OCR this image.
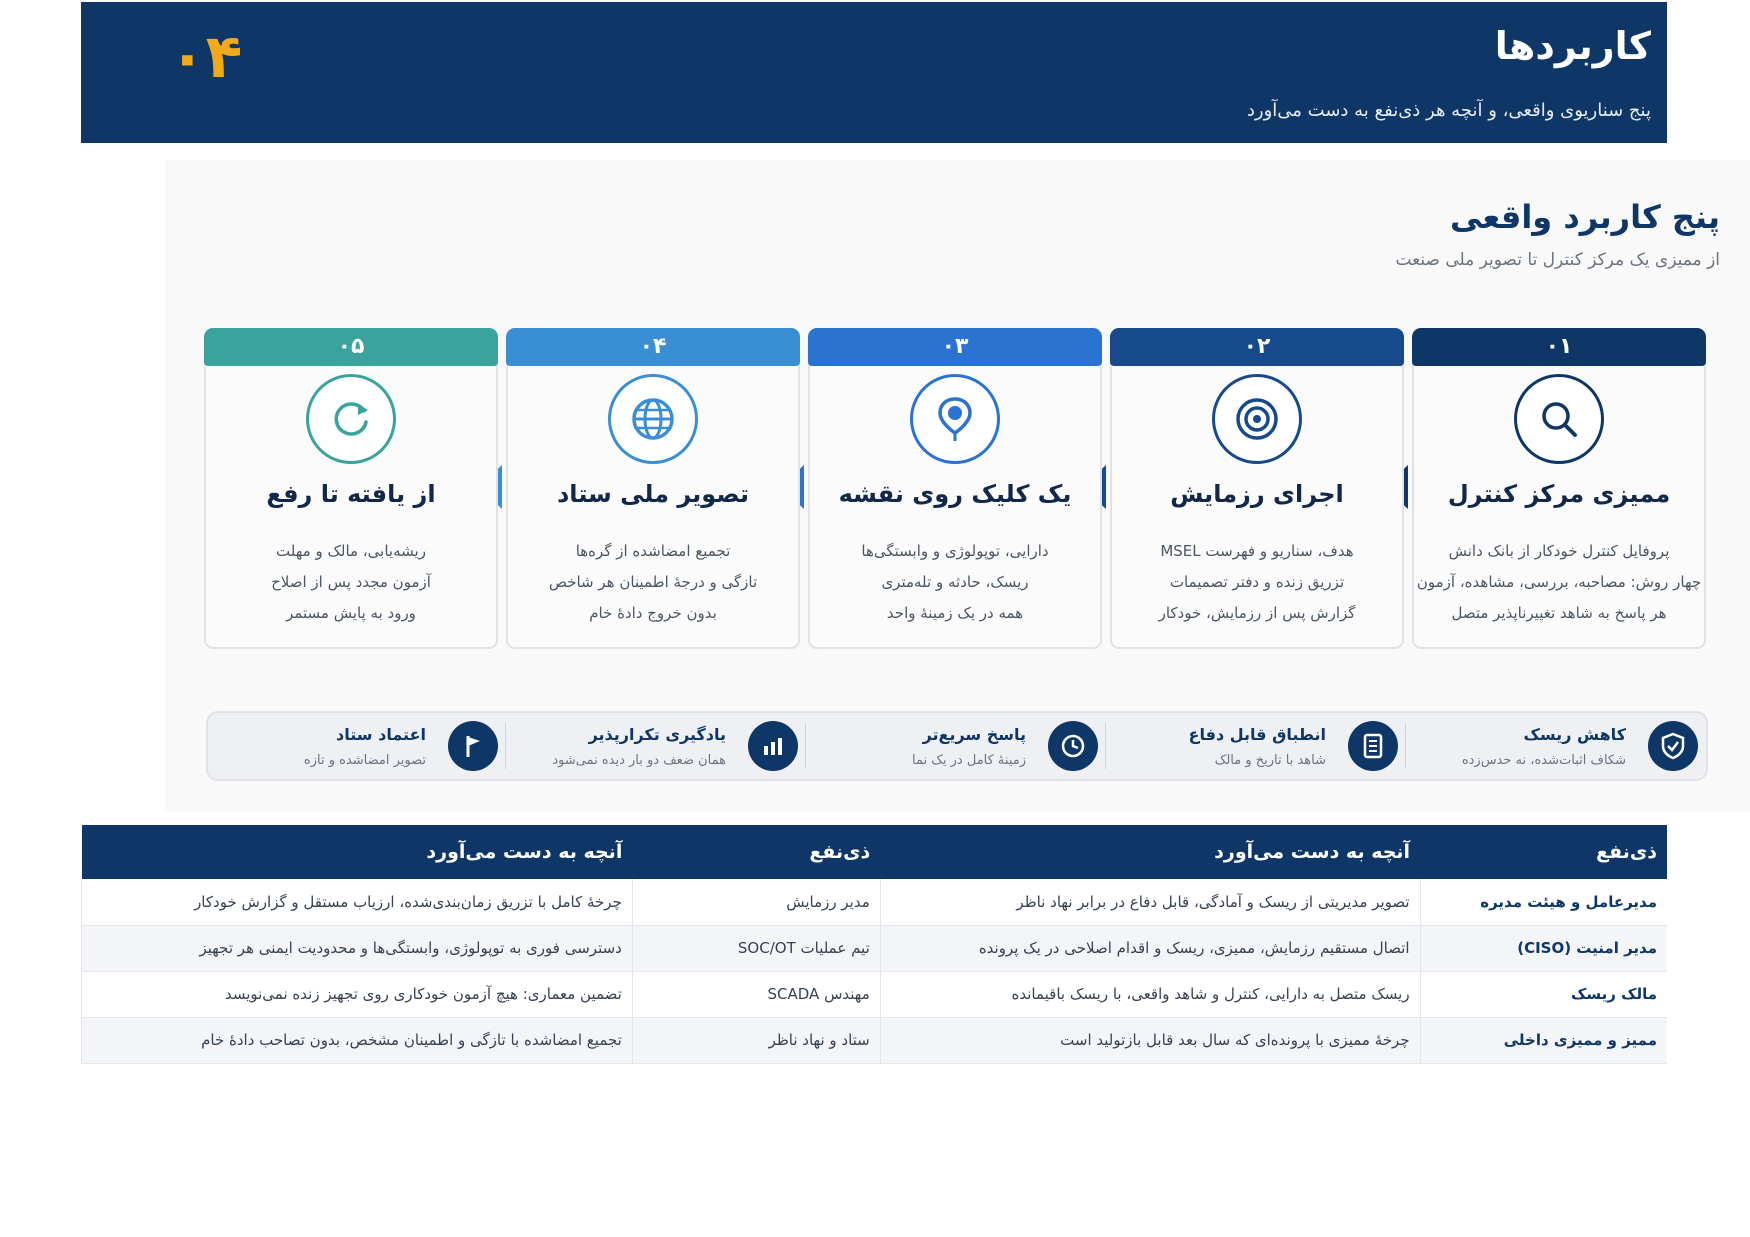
کاربردها
پنج سناریوی واقعی، و آنچه هر ذی‌نفع به دست می‌آورد
۰۴
پنج کاربرد واقعی
از ممیزی یک مرکز کنترل تا تصویر ملی صنعت
۰۱
ممیزی مرکز کنترل
پروفایل کنترل خودکار از بانک دانش
چهار روش: مصاحبه، بررسی، مشاهده، آزمون
هر پاسخ به شاهد تغییرناپذیر متصل
۰۲
اجرای رزمایش
هدف، سناریو و فهرست MSEL
تزریق زنده و دفتر تصمیمات
گزارش پس از رزمایش، خودکار
۰۳
یک کلیک روی نقشه
دارایی، توپولوژی و وابستگی‌ها
ریسک، حادثه و تله‌متری
همه در یک زمینهٔ واحد
۰۴
تصویر ملی ستاد
تجمیع امضاشده از گره‌ها
تازگی و درجهٔ اطمینان هر شاخص
بدون خروج دادهٔ خام
۰۵
از یافته تا رفع
ریشه‌یابی، مالک و مهلت
آزمون مجدد پس از اصلاح
ورود به پایش مستمر
کاهش ریسک
شکاف اثبات‌شده، نه حدس‌زده
انطباق قابل دفاع
شاهد با تاریخ و مالک
پاسخ سریع‌تر
زمینهٔ کامل در یک نما
یادگیری تکرارپذیر
همان ضعف دو بار دیده نمی‌شود
اعتماد ستاد
تصویر امضاشده و تازه
ذی‌نفع	آنچه به دست می‌آورد	ذی‌نفع	آنچه به دست می‌آورد
مدیرعامل و هیئت مدیره	تصویر مدیریتی از ریسک و آمادگی، قابل دفاع در برابر نهاد ناظر	مدیر رزمایش	چرخهٔ کامل با تزریق زمان‌بندی‌شده، ارزیاب مستقل و گزارش خودکار
مدیر امنیت (CISO)	اتصال مستقیم رزمایش، ممیزی، ریسک و اقدام اصلاحی در یک پرونده	تیم عملیات SOC/OT	دسترسی فوری به توپولوژی، وابستگی‌ها و محدودیت ایمنی هر تجهیز
مالک ریسک	ریسک متصل به دارایی، کنترل و شاهد واقعی، با ریسک باقیمانده	مهندس SCADA	تضمین معماری: هیچ آزمون خودکاری روی تجهیز زنده نمی‌نویسد
ممیز و ممیزی داخلی	چرخهٔ ممیزی با پرونده‌ای که سال بعد قابل بازتولید است	ستاد و نهاد ناظر	تجمیع امضاشده با تازگی و اطمینان مشخص، بدون تصاحب دادهٔ خام
